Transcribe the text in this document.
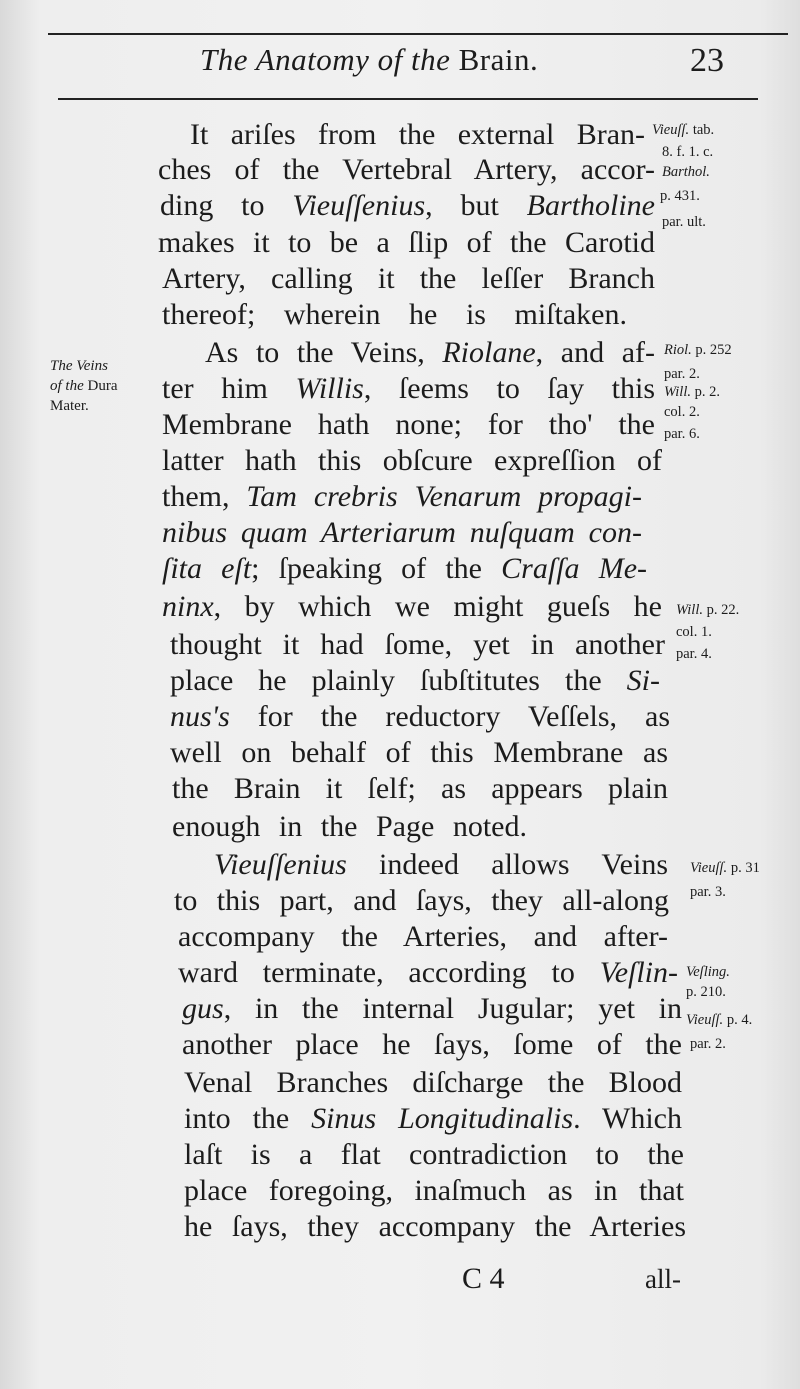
The Anatomy of the Brain.	23
It ariſes from the external Bran-
ches of the Vertebral Artery, accor-
ding to Vieuſſenius, but Bartholine
makes it to be a ſlip of the Carotid
Artery, calling it the leſſer Branch
thereof; wherein he is miſtaken.
As to the Veins, Riolane, and af-
ter him Willis, ſeems to ſay this
Membrane hath none; for tho' the
latter hath this obſcure expreſſion of
them, Tam crebris Venarum propagi-
nibus quam Arteriarum nuſquam con-
ſita eſt; ſpeaking of the Craſſa Me-
ninx, by which we might gueſs he
thought it had ſome, yet in another
place he plainly ſubſtitutes the Si-
nus's for the reductory Veſſels, as
well on behalf of this Membrane as
the Brain it ſelf; as appears plain
enough in the Page noted.
Vieuſſenius indeed allows Veins
to this part, and ſays, they all-along
accompany the Arteries, and after-
ward terminate, according to Veſlin-
gus, in the internal Jugular; yet in
another place he ſays, ſome of the
Venal Branches diſcharge the Blood
into the Sinus Longitudinalis. Which
laſt is a flat contradiction to the
place foregoing, inaſmuch as in that
he ſays, they accompany the Arteries
The Veins
of the Dura
Mater.
Vieuſſ. tab.
8. f. 1. c.
Barthol.
p. 431.
par. ult.
Riol. p. 252
par. 2.
Will. p. 2.
col. 2.
par. 6.
Will. p. 22.
col. 1.
par. 4.
Vieuſſ. p. 31
par. 3.
Veſling.
p. 210.
Vieuſſ. p. 4.
par. 2.
C 4	all-
